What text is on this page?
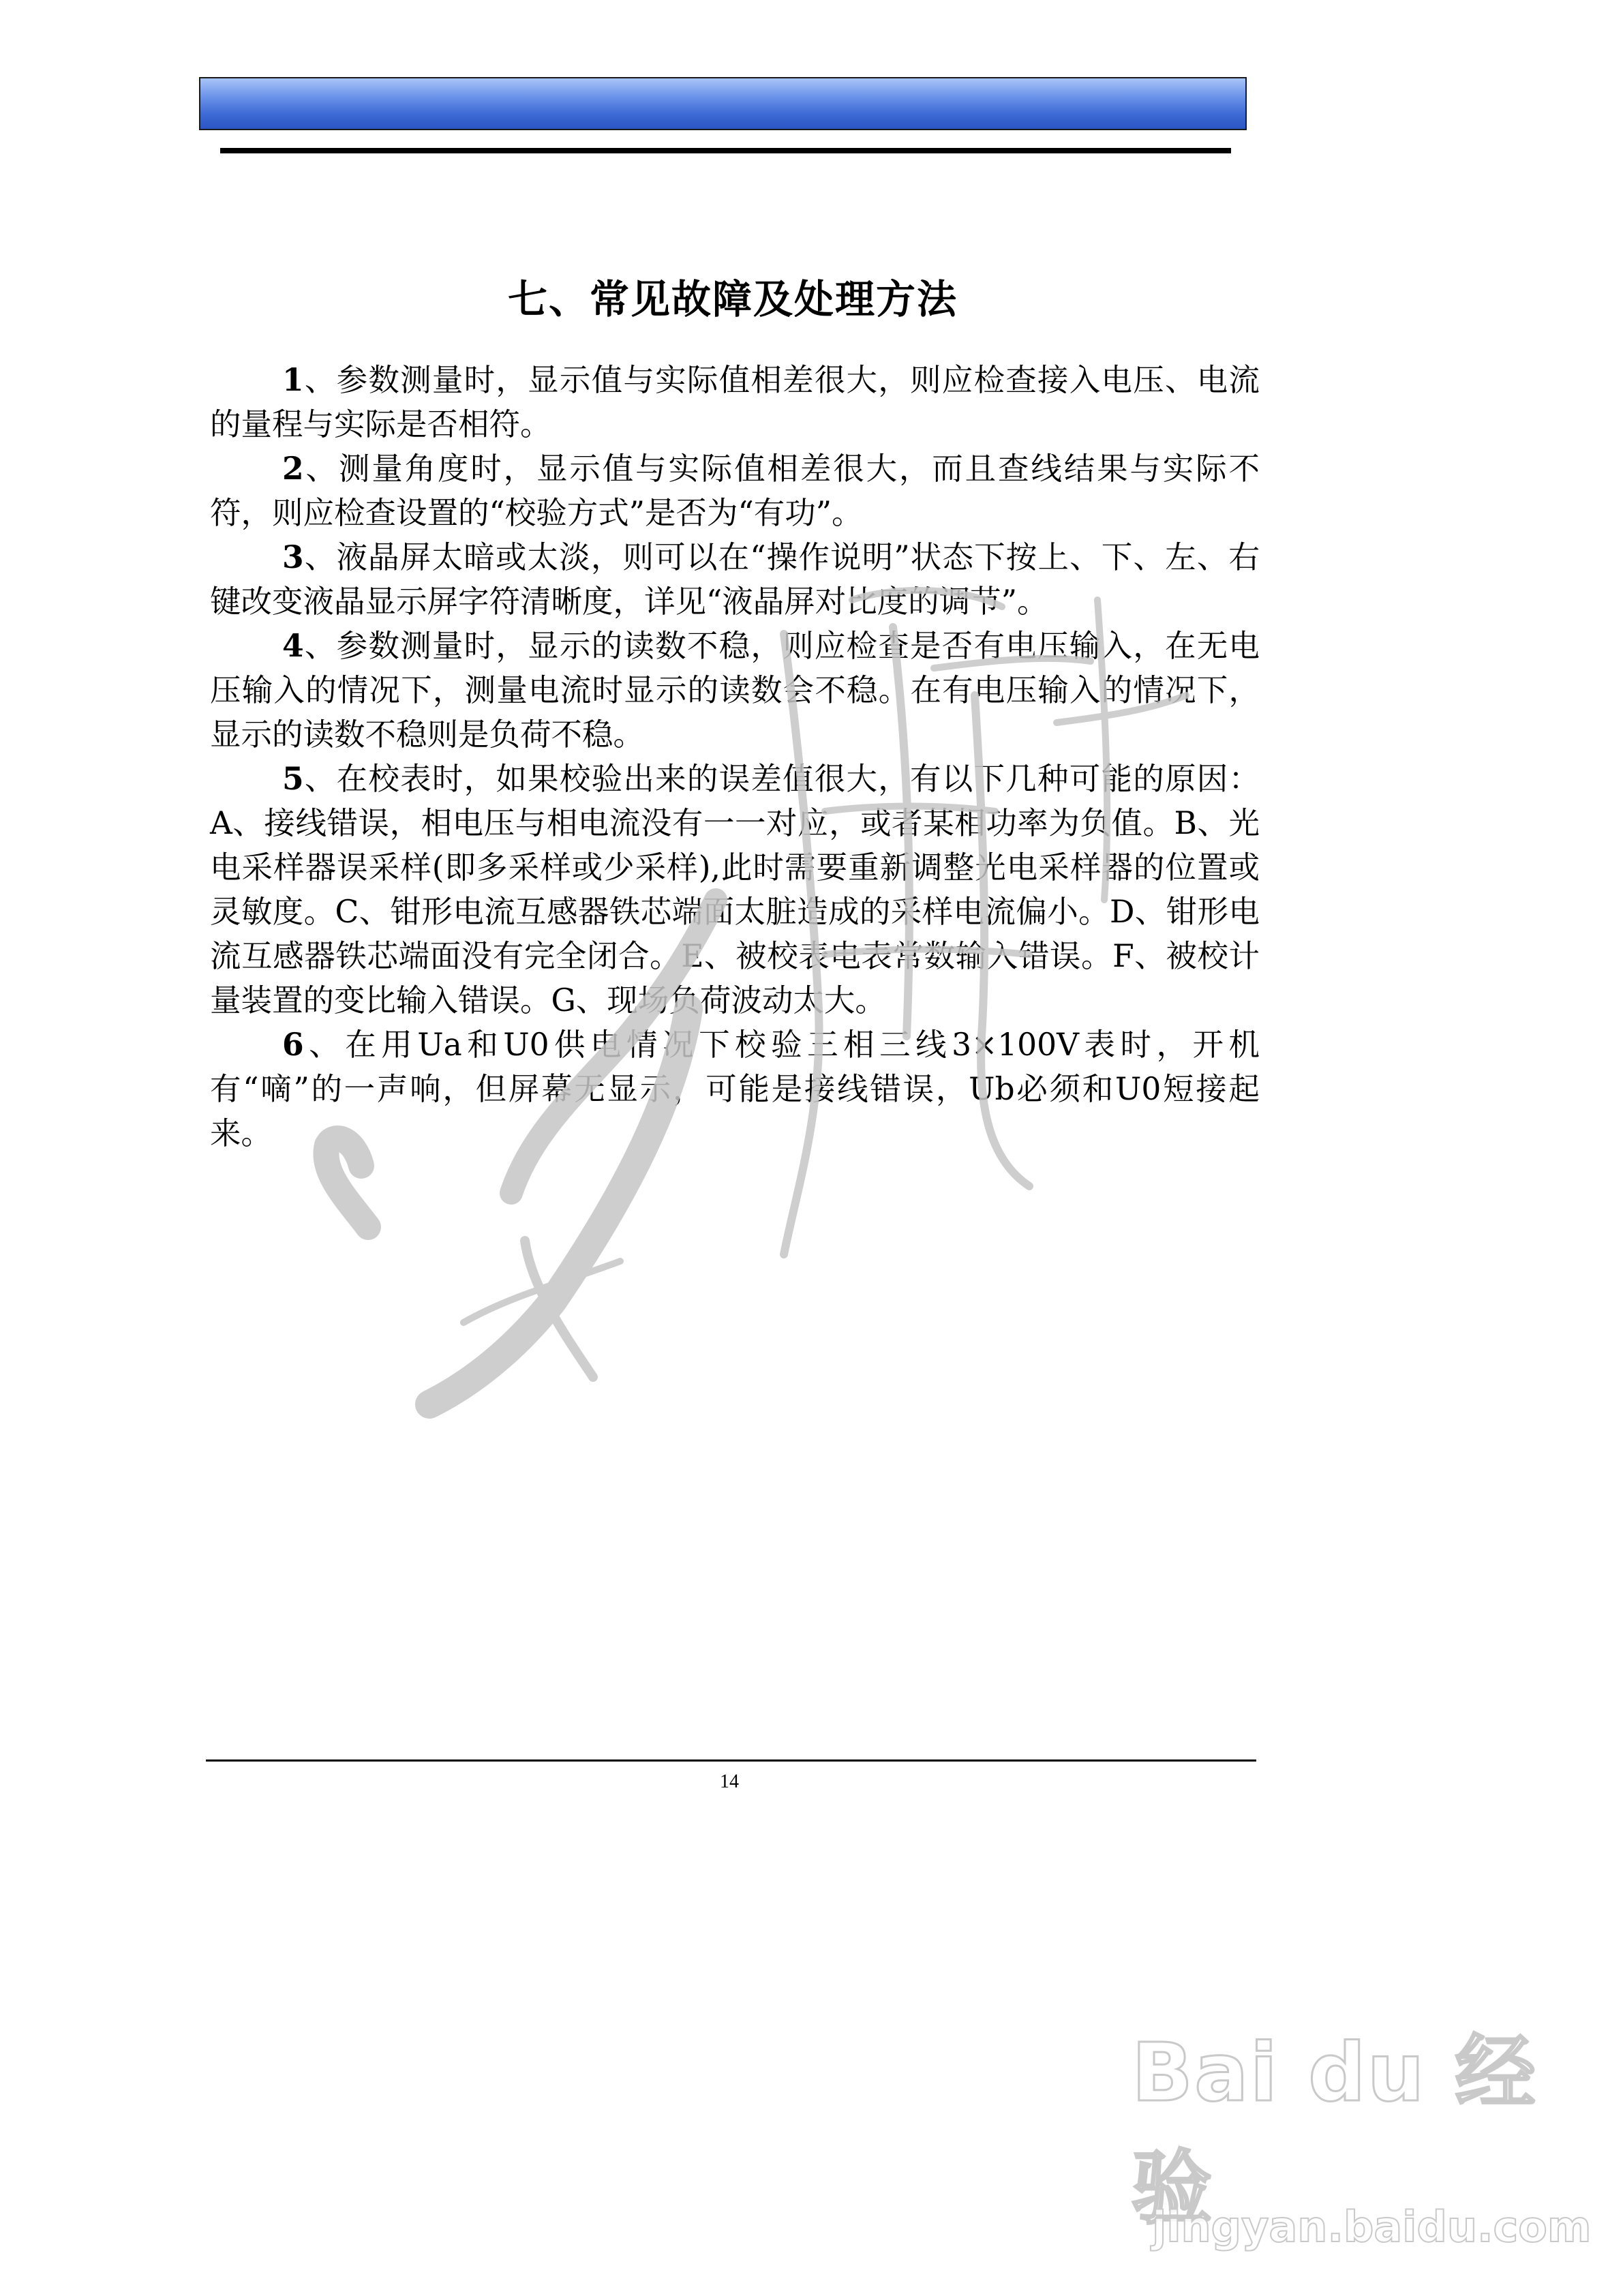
七、常见故障及处理方法

1、参数测量时，显示值与实际值相差很大，则应检查接入电压、电流的量程与实际是否相符。

2、测量角度时，显示值与实际值相差很大，而且查线结果与实际不符，则应检查设置的“校验方式”是否为“有功”。

3、液晶屏太暗或太淡，则可以在“操作说明”状态下按上、下、左、右键改变液晶显示屏字符清晰度，详见“液晶屏对比度的调节”。

4、参数测量时，显示的读数不稳，则应检查是否有电压输入，在无电压输入的情况下，测量电流时显示的读数会不稳。在有电压输入的情况下，显示的读数不稳则是负荷不稳。

5、在校表时，如果校验出来的误差值很大，有以下几种可能的原因：A、接线错误，相电压与相电流没有一一对应，或者某相功率为负值。B、光电采样器误采样(即多采样或少采样),此时需要重新调整光电采样器的位置或灵敏度。C、钳形电流互感器铁芯端面太脏造成的采样电流偏小。D、钳形电流互感器铁芯端面没有完全闭合。E、被校表电表常数输入错误。F、被校计量装置的变比输入错误。G、现场负荷波动太大。

6、在用Ua和U0供电情况下校验三相三线3×100V表时，开机有“嘀”的一声响，但屏幕无显示，可能是接线错误，Ub必须和U0短接起来。

14
Bai du 经验
jingyan.baidu.com
